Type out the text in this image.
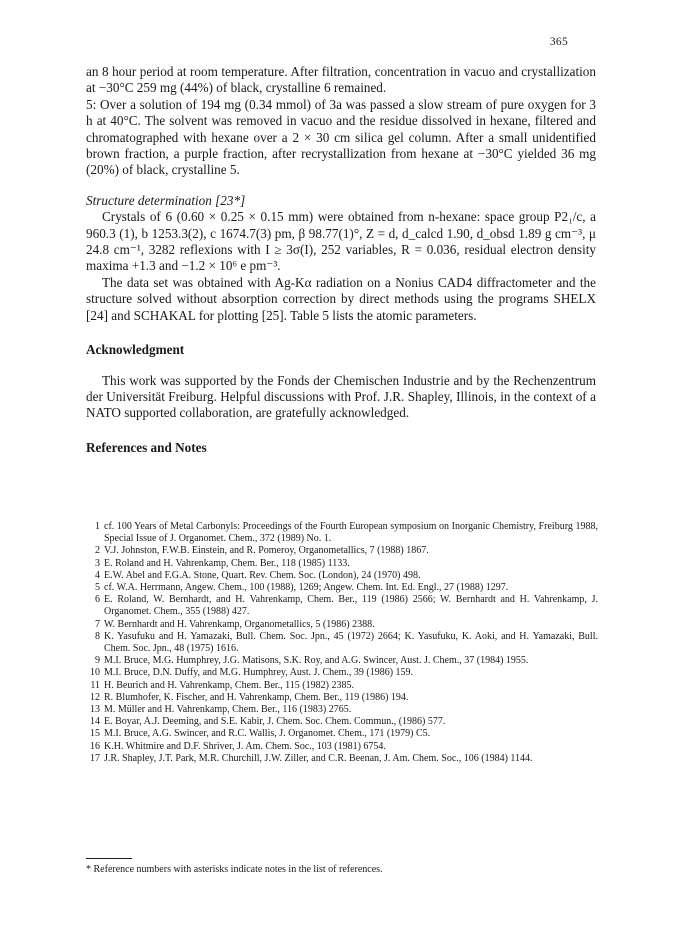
365

an 8 hour period at room temperature. After filtration, concentration in vacuo and crystallization at −30°C 259 mg (44%) of black, crystalline 6 remained.

5: Over a solution of 194 mg (0.34 mmol) of 3a was passed a slow stream of pure oxygen for 3 h at 40°C. The solvent was removed in vacuo and the residue dissolved in hexane, filtered and chromatographed with hexane over a 2 × 30 cm silica gel column. After a small unidentified brown fraction, a purple fraction, after recrystallization from hexane at −30°C yielded 36 mg (20%) of black, crystalline 5.

Structure determination [23*]

Crystals of 6 (0.60 × 0.25 × 0.15 mm) were obtained from n-hexane: space group P2₁/c, a 960.3 (1), b 1253.3(2), c 1674.7(3) pm, β 98.77(1)°, Z = d, d_calcd 1.90, d_obsd 1.89 g cm⁻³, μ 24.8 cm⁻¹, 3282 reflexions with I ≥ 3σ(I), 252 variables, R = 0.036, residual electron density maxima +1.3 and −1.2 × 10⁶ e pm⁻³.

The data set was obtained with Ag-Kα radiation on a Nonius CAD4 diffractometer and the structure solved without absorption correction by direct methods using the programs SHELX [24] and SCHAKAL for plotting [25]. Table 5 lists the atomic parameters.

Acknowledgment

This work was supported by the Fonds der Chemischen Industrie and by the Rechenzentrum der Universität Freiburg. Helpful discussions with Prof. J.R. Shapley, Illinois, in the context of a NATO supported collaboration, are gratefully acknowledged.

References and Notes

1 cf. 100 Years of Metal Carbonyls: Proceedings of the Fourth European symposium on Inorganic Chemistry, Freiburg 1988, Special Issue of J. Organomet. Chem., 372 (1989) No. 1.
2 V.J. Johnston, F.W.B. Einstein, and R. Pomeroy, Organometallics, 7 (1988) 1867.
3 E. Roland and H. Vahrenkamp, Chem. Ber., 118 (1985) 1133.
4 E.W. Abel and F.G.A. Stone, Quart. Rev. Chem. Soc. (London), 24 (1970) 498.
5 cf. W.A. Herrmann, Angew. Chem., 100 (1988), 1269; Angew. Chem. Int. Ed. Engl., 27 (1988) 1297.
6 E. Roland, W. Bernhardt, and H. Vahrenkamp, Chem. Ber., 119 (1986) 2566; W. Bernhardt and H. Vahrenkamp, J. Organomet. Chem., 355 (1988) 427.
7 W. Bernhardt and H. Vahrenkamp, Organometallics, 5 (1986) 2388.
8 K. Yasufuku and H. Yamazaki, Bull. Chem. Soc. Jpn., 45 (1972) 2664; K. Yasufuku, K. Aoki, and H. Yamazaki, Bull. Chem. Soc. Jpn., 48 (1975) 1616.
9 M.I. Bruce, M.G. Humphrey, J.G. Matisons, S.K. Roy, and A.G. Swincer, Aust. J. Chem., 37 (1984) 1955.
10 M.I. Bruce, D.N. Duffy, and M.G. Humphrey, Aust. J. Chem., 39 (1986) 159.
11 H. Beurich and H. Vahrenkamp, Chem. Ber., 115 (1982) 2385.
12 R. Blumhofer, K. Fischer, and H. Vahrenkamp, Chem. Ber., 119 (1986) 194.
13 M. Müller and H. Vahrenkamp, Chem. Ber., 116 (1983) 2765.
14 E. Boyar, A.J. Deeming, and S.E. Kabir, J. Chem. Soc. Chem. Commun., (1986) 577.
15 M.I. Bruce, A.G. Swincer, and R.C. Wallis, J. Organomet. Chem., 171 (1979) C5.
16 K.H. Whitmire and D.F. Shriver, J. Am. Chem. Soc., 103 (1981) 6754.
17 J.R. Shapley, J.T. Park, M.R. Churchill, J.W. Ziller, and C.R. Beenan, J. Am. Chem. Soc., 106 (1984) 1144.
* Reference numbers with asterisks indicate notes in the list of references.
